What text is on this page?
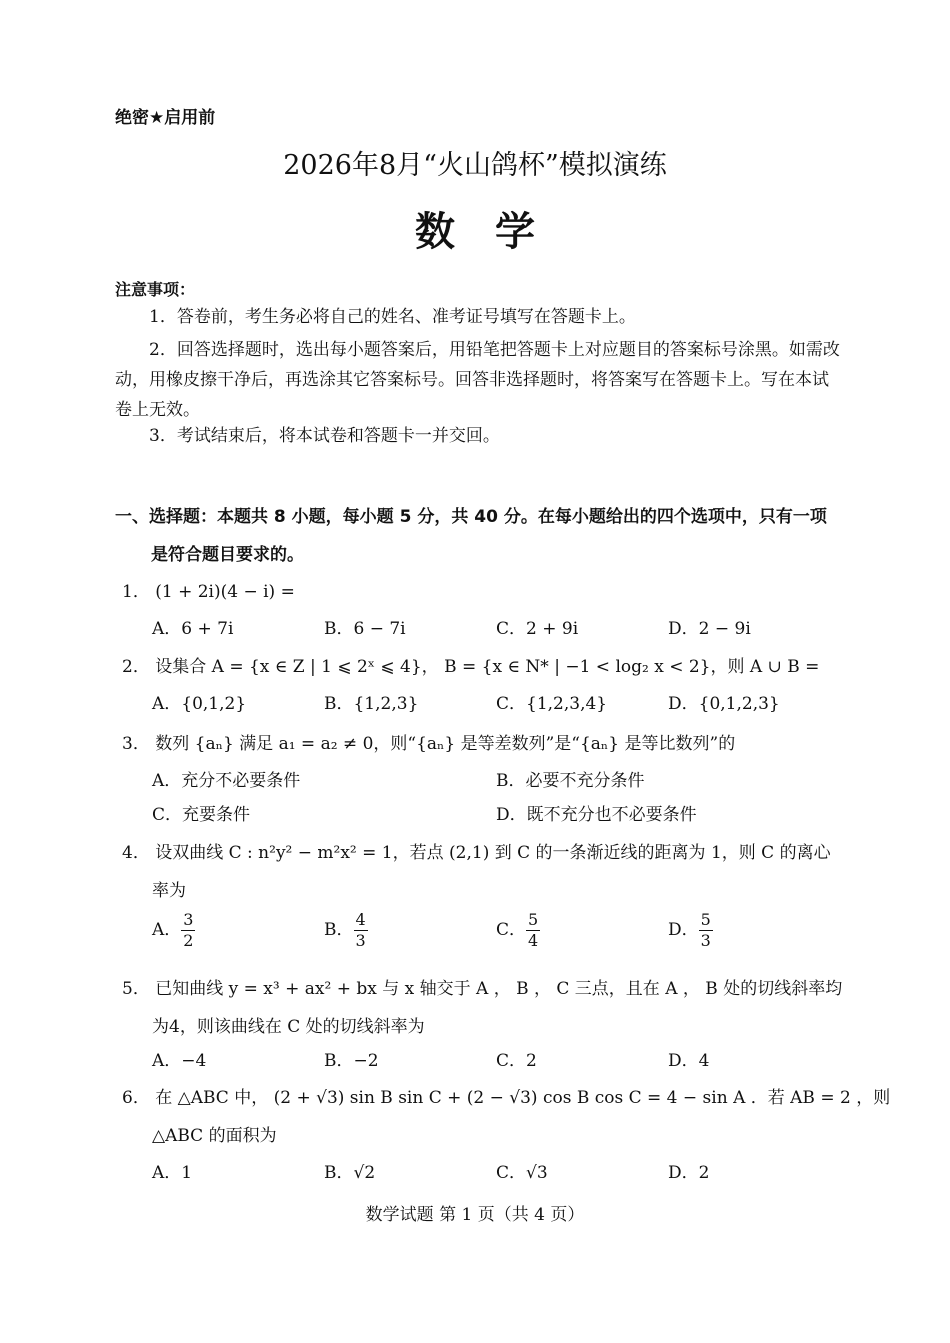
绝密★启用前
2026年8月“火山鸽杯”模拟演练
数学
注意事项：
1．答卷前，考生务必将自己的姓名、准考证号填写在答题卡上。
2．回答选择题时，选出每小题答案后，用铅笔把答题卡上对应题目的答案标号涂黑。如需改动，用橡皮擦干净后，再选涂其它答案标号。回答非选择题时，将答案写在答题卡上。写在本试卷上无效。
3．考试结束后，将本试卷和答题卡一并交回。
一、选择题：本题共 8 小题，每小题 5 分，共 40 分。在每小题给出的四个选项中，只有一项是符合题目要求的。
1． (1 + 2i)(4 − i) =
A．6 + 7i	B．6 − 7i	C．2 + 9i	D．2 − 9i
2． 设集合 A = {x ∈ Z | 1 ⩽ 2ˣ ⩽ 4}， B = {x ∈ N* | −1 < log₂ x < 2}，则 A ∪ B =
A．{0,1,2}	B．{1,2,3}	C．{1,2,3,4}	D．{0,1,2,3}
3． 数列 {aₙ} 满足 a₁ = a₂ ≠ 0，则“{aₙ} 是等差数列”是“{aₙ} 是等比数列”的
A．充分不必要条件	B．必要不充分条件
C．充要条件	D．既不充分也不必要条件
4． 设双曲线 C : n²y² − m²x² = 1，若点 (2,1) 到 C 的一条渐近线的距离为 1，则 C 的离心
率为
A． $\frac{3}{2}$	B． $\frac{4}{3}$	C． $\frac{5}{4}$	D． $\frac{5}{3}$
5． 已知曲线 y = x³ + ax² + bx 与 x 轴交于 A ， B ， C 三点，且在 A ， B 处的切线斜率均
为4，则该曲线在 C 处的切线斜率为
A．−4	B．−2	C．2	D．4
6． 在 △ABC 中， (2 + √3) sin B sin C + (2 − √3) cos B cos C = 4 − sin A ．若 AB = 2 ，则
△ABC 的面积为
A．1	B．√2	C．√3	D．2
数学试题 第 1 页（共 4 页）
